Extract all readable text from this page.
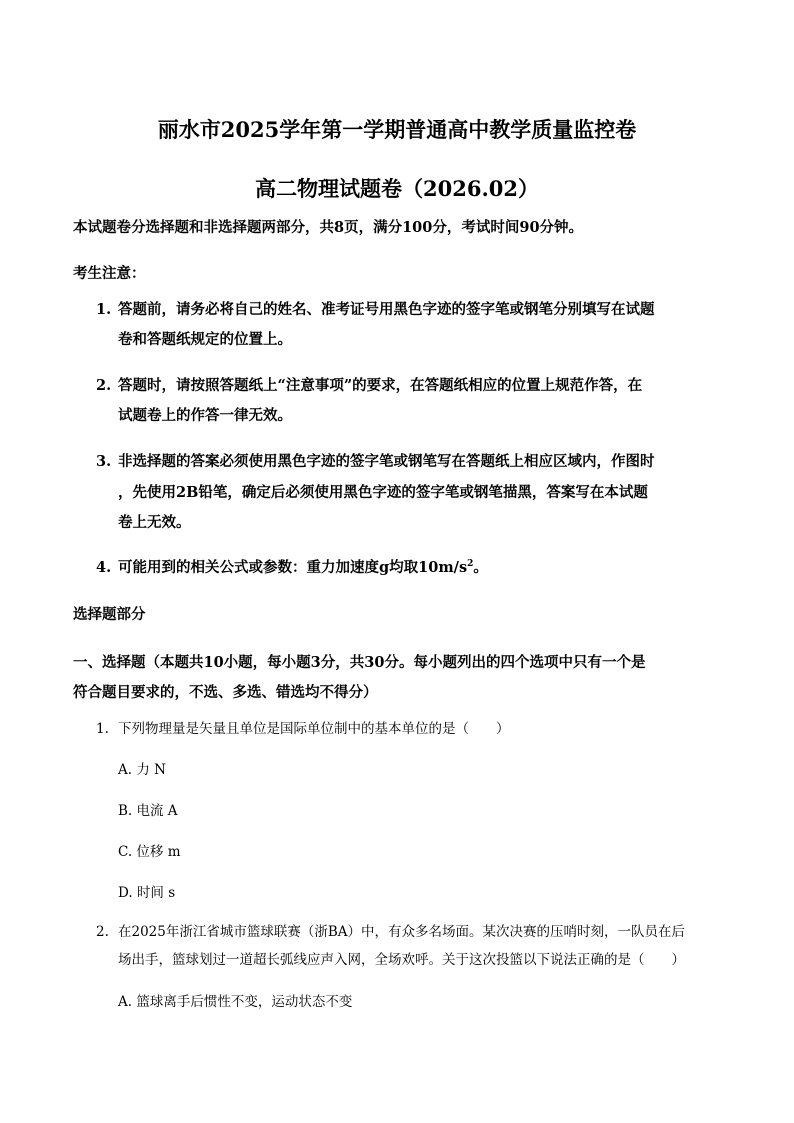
丽水市2025学年第一学期普通高中教学质量监控卷
高二物理试题卷（2026.02）
本试题卷分选择题和非选择题两部分，共8页，满分100分，考试时间90分钟。
考生注意：
1. 答题前，请务必将自己的姓名、准考证号用黑色字迹的签字笔或钢笔分别填写在试题
卷和答题纸规定的位置上。
2. 答题时，请按照答题纸上“注意事项”的要求，在答题纸相应的位置上规范作答，在
试题卷上的作答一律无效。
3. 非选择题的答案必须使用黑色字迹的签字笔或钢笔写在答题纸上相应区域内，作图时
，先使用2B铅笔，确定后必须使用黑色字迹的签字笔或钢笔描黑，答案写在本试题
卷上无效。
4. 可能用到的相关公式或参数：重力加速度g均取$10m/s^2$。
选择题部分
一、选择题（本题共10小题，每小题3分，共30分。每小题列出的四个选项中只有一个是
符合题目要求的，不选、多选、错选均不得分）
1. 下列物理量是矢量且单位是国际单位制中的基本单位的是（　　）
A. 力 N
B. 电流 A
C. 位移 m
D. 时间 s
2. 在2025年浙江省城市篮球联赛（浙BA）中，有众多名场面。某次决赛的压哨时刻，一队员在后
场出手，篮球划过一道超长弧线应声入网，全场欢呼。关于这次投篮以下说法正确的是（　　）
A. 篮球离手后惯性不变，运动状态不变
